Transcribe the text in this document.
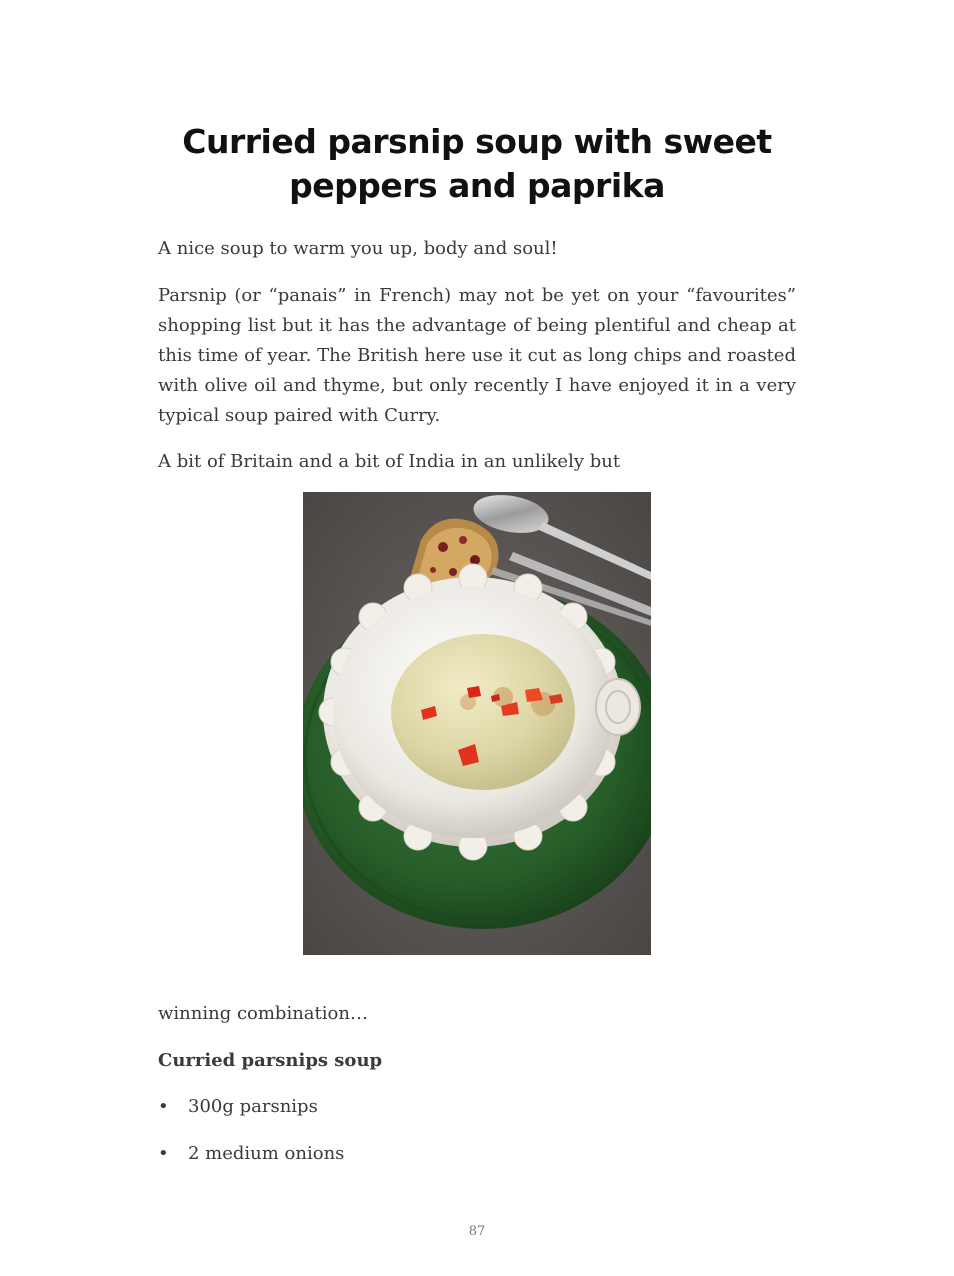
Curried parsnip soup with sweet
peppers and paprika

A nice soup to warm you up, body and soul!

Parsnip (or “panais” in French) may not be yet on your “favourites” shopping list but it has the advantage of being plentiful and cheap at this time of year. The British here use it cut as long chips and roasted with olive oil and thyme, but only recently I have enjoyed it in a very typical soup paired with Curry.

A bit of Britain and a bit of India in an unlikely but

winning combination…

Curried parsnips soup

• 300g parsnips
• 2 medium onions
87
